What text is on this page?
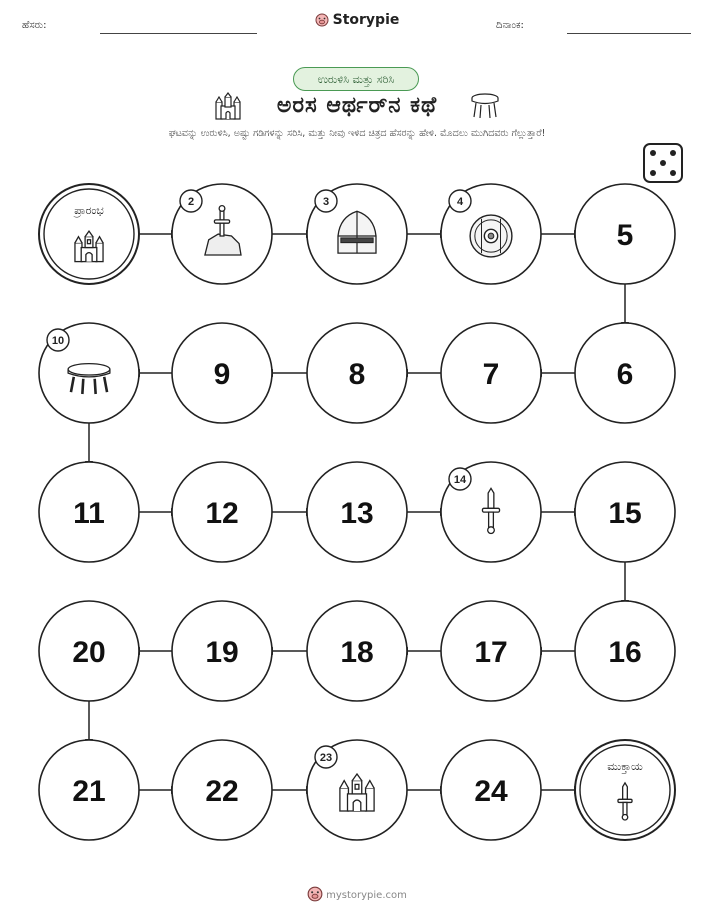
ಹೆಸರು:	Storypie	ದಿನಾಂಕ:
ಉರುಳಿಸಿ ಮತ್ತು ಸರಿಸಿ
ಅರಸ ಆರ್ಥರ್‌ನ ಕಥೆ
ಘಟವನ್ನು ಉರುಳಿಸಿ, ಅಷ್ಟು ಗಡಿಗಳನ್ನು ಸರಿಸಿ, ಮತ್ತು ನೀವು ಇಳಿದ ಚಿತ್ರದ ಹೆಸರನ್ನು ಹೇಳಿ. ಮೊದಲು ಮುಗಿದವರು ಗೆಲ್ಲುತ್ತಾರೆ!
ಪ್ರಾರಂಭ
2	3	4
5
6
7
8
9
10
11	12	13
14
15
16
17
18
19
20
21	22
23
24
ಮುಕ್ತಾಯ
mystorypie.com
